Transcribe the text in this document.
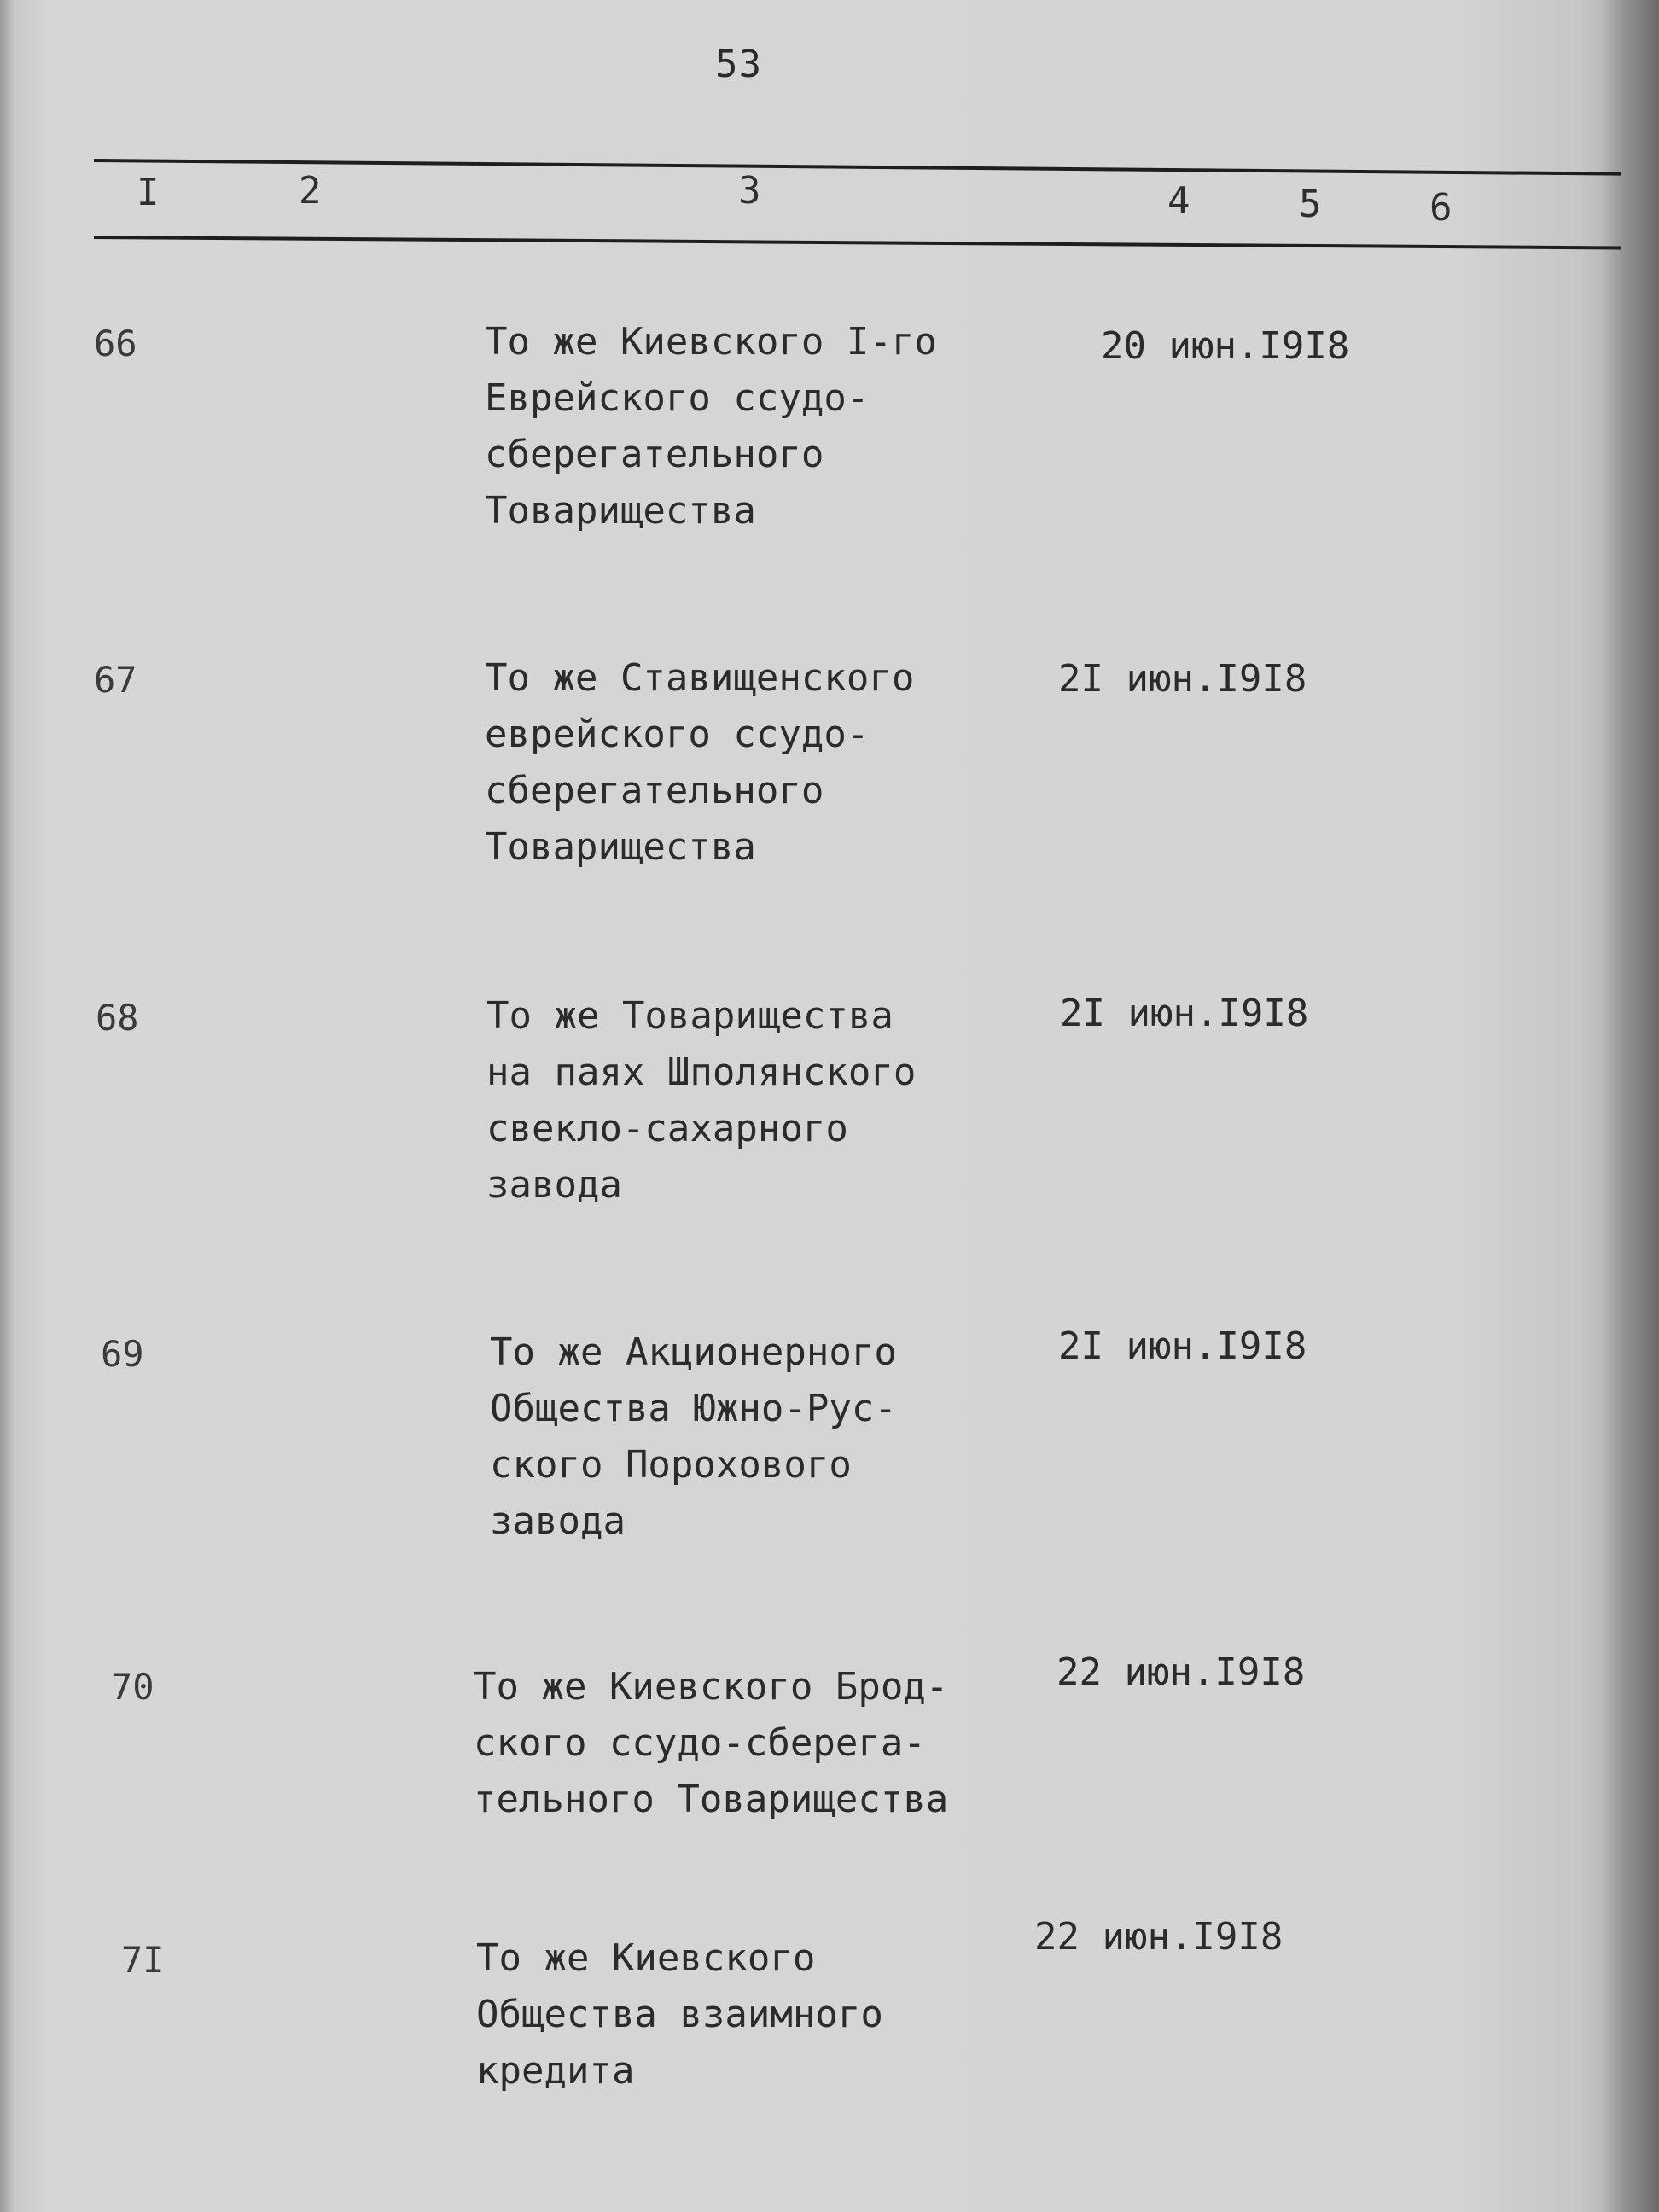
53
I	2	3	4	5	6
66	То же Киевского I-го
Еврейского ссудо-
сберегательного
Товарищества
20 июн.I9I8
67	То же Ставищенского
еврейского ссудо-
сберегательного
Товарищества
2I июн.I9I8
68	То же Товарищества
на паях Шполянского
свекло-сахарного
завода
2I июн.I9I8
69	То же Акционерного
Общества Южно-Рус-
ского Порохового
завода
2I июн.I9I8
70	То же Киевского Брод-
ского ссудо-сберега-
тельного Товарищества
22 июн.I9I8
7I	То же Киевского
Общества взаимного
кредита
22 июн.I9I8
